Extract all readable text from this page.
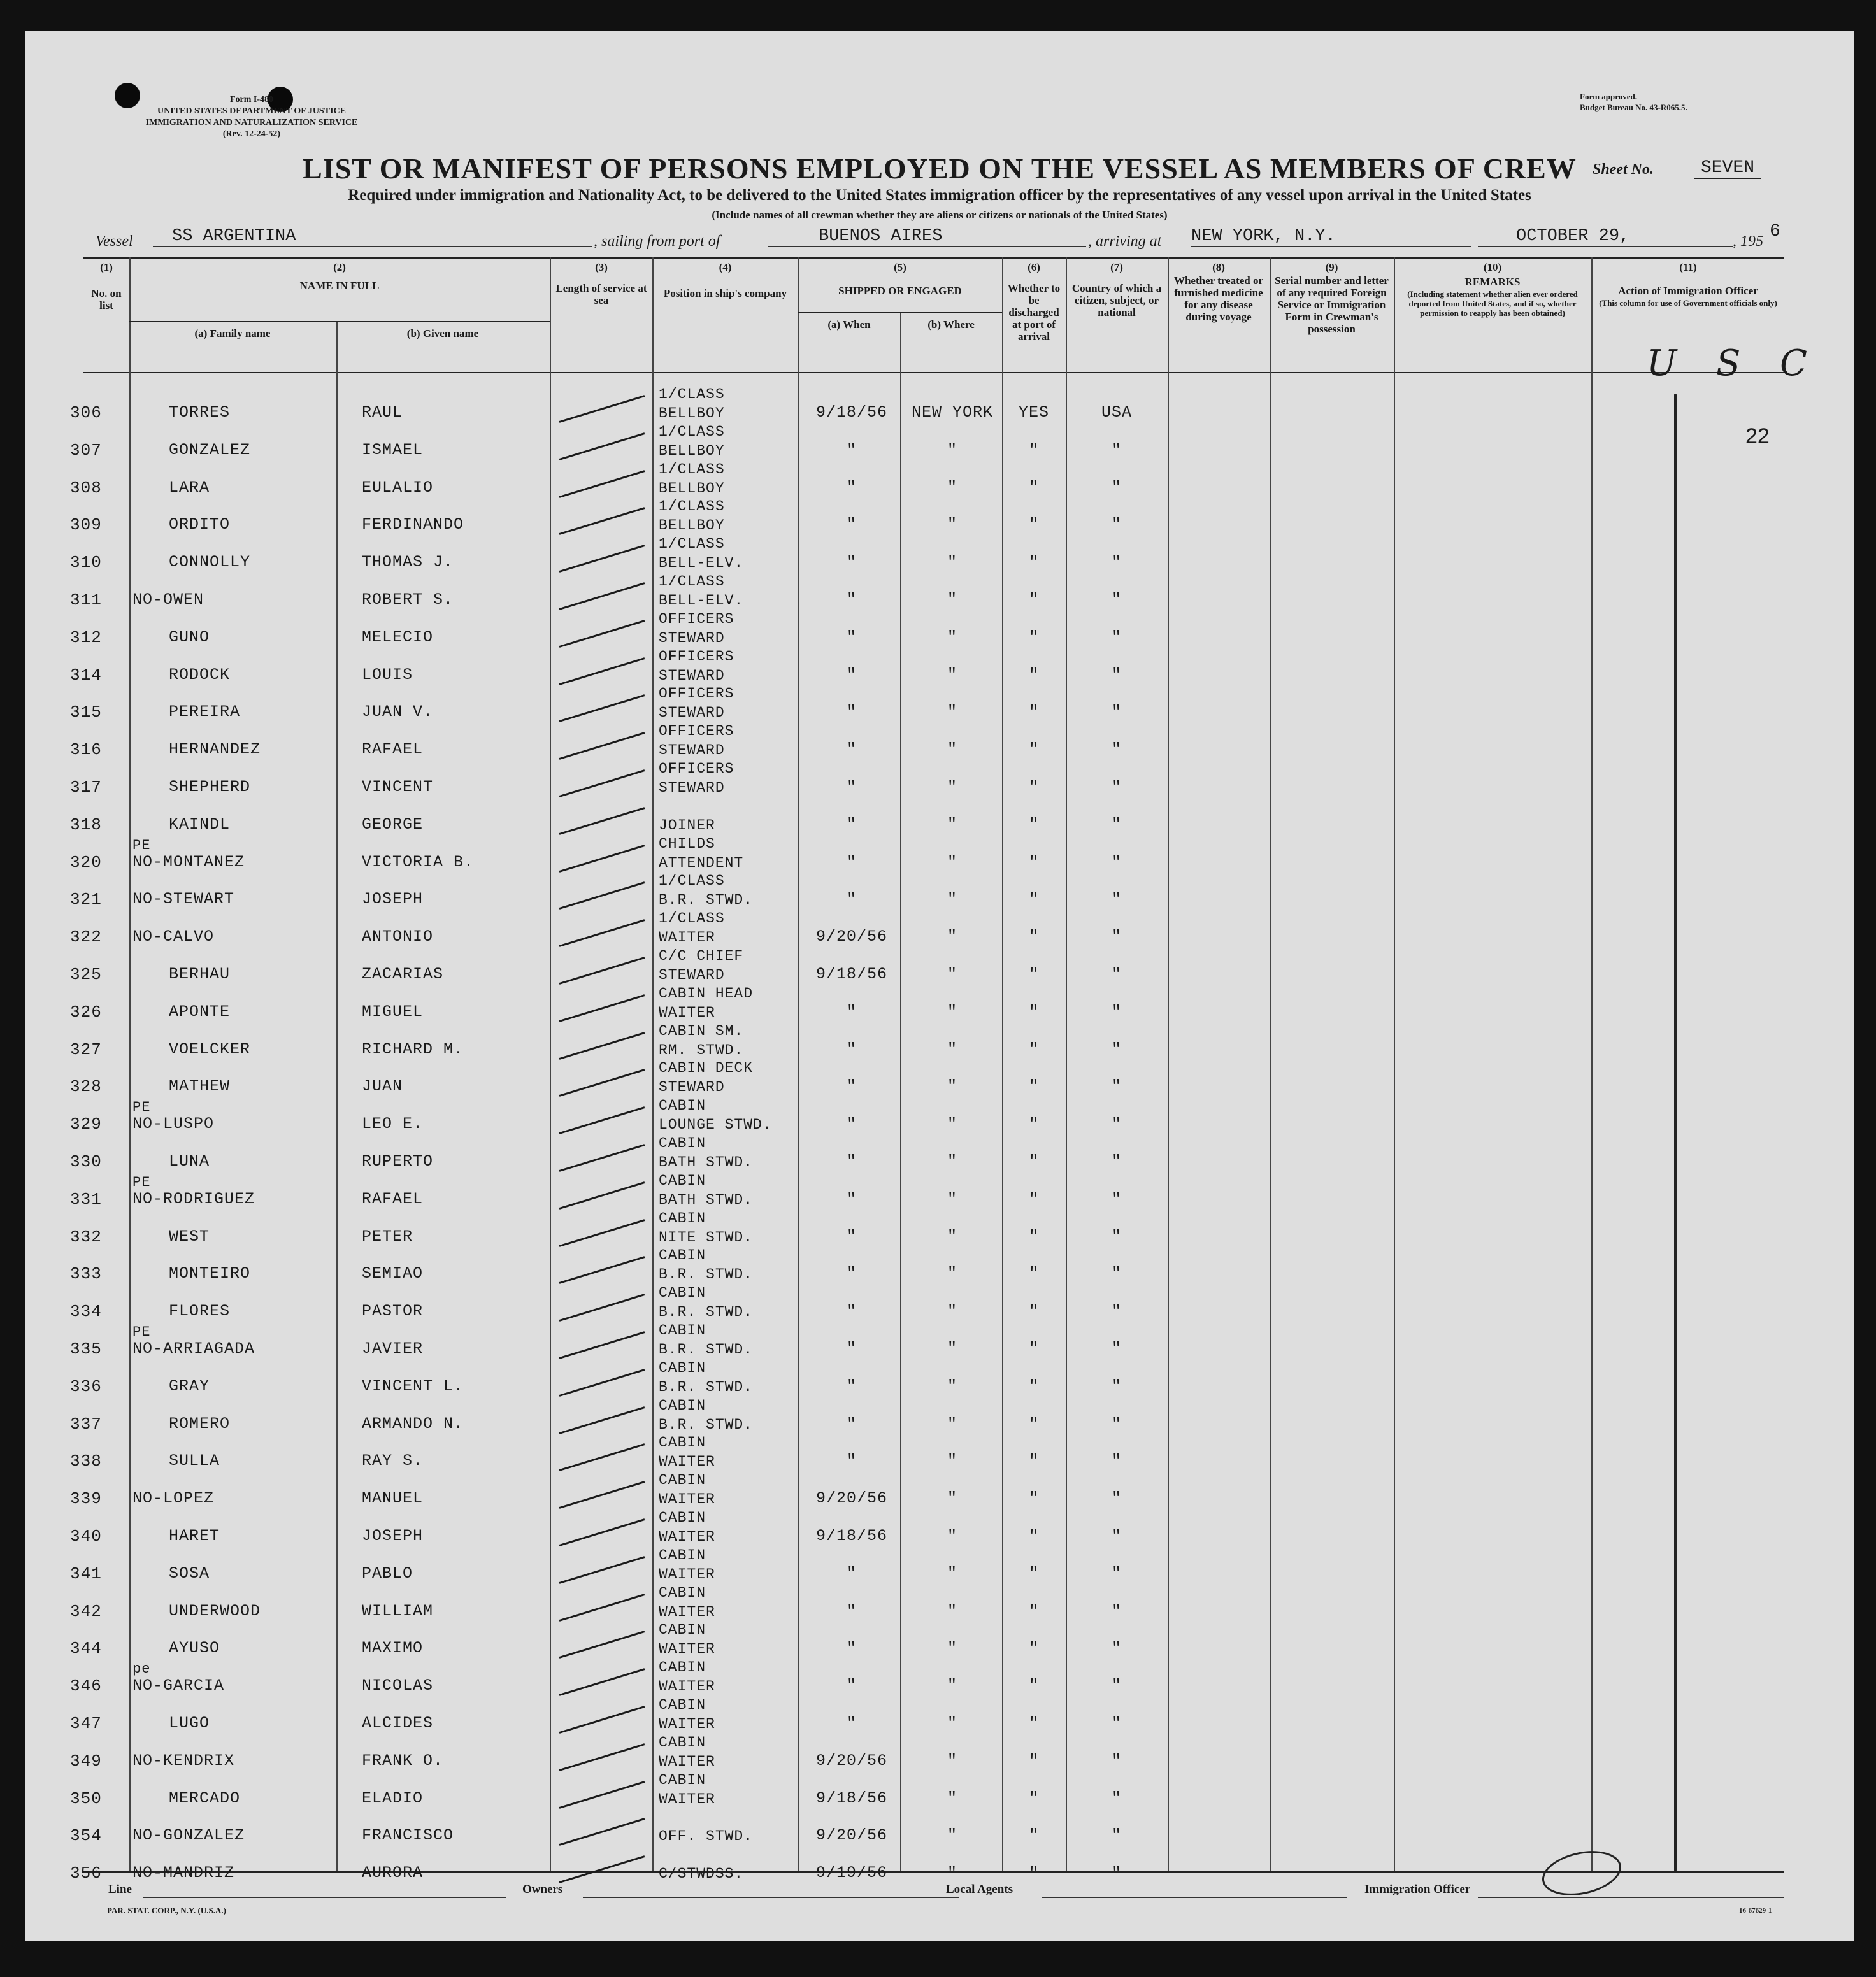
Form I-480
UNITED STATES DEPARTMENT OF JUSTICE
IMMIGRATION AND NATURALIZATION SERVICE
(Rev. 12-24-52)
Form approved.
Budget Bureau No. 43-R065.5.
LIST OR MANIFEST OF PERSONS EMPLOYED ON THE VESSEL AS MEMBERS OF CREW	Sheet No.	SEVEN
Required under immigration and Nationality Act, to be delivered to the United States immigration officer by the representatives of any vessel upon arrival in the United States
(Include names of all crewman whether they are aliens or citizens or nationals of the United States)
Vessel	SS ARGENTINA	, sailing from port of	BUENOS AIRES	, arriving at NEW YORK, N.Y.	OCTOBER 29,	, 195 6
(1)
No. on list
(2)
NAME IN FULL
(a) Family name	(b) Given name
(3)
Length of service at sea
(4)
Position in ship's company
(5)
SHIPPED OR ENGAGED
(a) When	(b) Where
(6)
Whether to be discharged at port of arrival
(7)
Country of which a citizen, subject, or national
(8)
Whether treated or furnished medicine for any disease during voyage
(9)
Serial number and letter of any required Foreign Service or Immigration Form in Crewman's possession
(10)
REMARKS
(Including statement whether alien ever ordered deported from United States, and if so, whether permission to reapply has been obtained)
(11)
Action of Immigration Officer
(This column for use of Government officials only)
306	TORRES	RAUL
1/CLASS
BELLBOY	9/18/56	NEW YORK	YES	USA
307	GONZALEZ	ISMAEL
1/CLASS
BELLBOY	"	"	"	"
308	LARA	EULALIO
1/CLASS
BELLBOY	"	"	"	"
309	ORDITO	FERDINANDO
1/CLASS
BELLBOY	"	"	"	"
310	CONNOLLY	THOMAS J.
1/CLASS
BELL-ELV.	"	"	"	"
311 NO-OWEN	ROBERT S.
1/CLASS
BELL-ELV.	"	"	"	"
312	GUNO	MELECIO
OFFICERS
STEWARD	"	"	"	"
314	RODOCK	LOUIS
OFFICERS
STEWARD	"	"	"	"
315	PEREIRA	JUAN V.
OFFICERS
STEWARD	"	"	"	"
316	HERNANDEZ	RAFAEL
OFFICERS
STEWARD	"	"	"	"
317	SHEPHERD	VINCENT
OFFICERS
STEWARD	"	"	"	"
318	KAINDL	GEORGE	JOINER	"	"	"	"
320
PE
NO-MONTANEZ	VICTORIA B.
CHILDS
ATTENDENT	"	"	"	"
321 NO-STEWART	JOSEPH
1/CLASS
B.R. STWD.	"	"	"	"
322 NO-CALVO	ANTONIO
1/CLASS
WAITER	9/20/56	"	"	"
325	BERHAU	ZACARIAS
C/C CHIEF
STEWARD	9/18/56	"	"	"
326	APONTE	MIGUEL
CABIN HEAD
WAITER	"	"	"	"
327	VOELCKER	RICHARD M.
CABIN SM.
RM. STWD.	"	"	"	"
328	MATHEW	JUAN
CABIN DECK
STEWARD	"	"	"	"
329
PE
NO-LUSPO	LEO E.
CABIN
LOUNGE STWD.	"	"	"	"
330	LUNA	RUPERTO
CABIN
BATH STWD.	"	"	"	"
331
PE
NO-RODRIGUEZ	RAFAEL
CABIN
BATH STWD.	"	"	"	"
332	WEST	PETER
CABIN
NITE STWD.	"	"	"	"
333	MONTEIRO	SEMIAO
CABIN
B.R. STWD.	"	"	"	"
334	FLORES	PASTOR
CABIN
B.R. STWD.	"	"	"	"
335
PE
NO-ARRIAGADA	JAVIER
CABIN
B.R. STWD.	"	"	"	"
336	GRAY	VINCENT L.
CABIN
B.R. STWD.	"	"	"	"
337	ROMERO	ARMANDO N.
CABIN
B.R. STWD.	"	"	"	"
338	SULLA	RAY S.
CABIN
WAITER	"	"	"	"
339 NO-LOPEZ	MANUEL
CABIN
WAITER	9/20/56	"	"	"
340	HARET	JOSEPH
CABIN
WAITER	9/18/56	"	"	"
341	SOSA	PABLO
CABIN
WAITER	"	"	"	"
342	UNDERWOOD	WILLIAM
CABIN
WAITER	"	"	"	"
344	AYUSO	MAXIMO
CABIN
WAITER	"	"	"	"
346
pe
NO-GARCIA	NICOLAS
CABIN
WAITER	"	"	"	"
347	LUGO	ALCIDES
CABIN
WAITER	"	"	"	"
349 NO-KENDRIX	FRANK O.
CABIN
WAITER	9/20/56	"	"	"
350	MERCADO	ELADIO
CABIN
WAITER	9/18/56	"	"	"
354 NO-GONZALEZ	FRANCISCO	OFF. STWD.	9/20/56	"	"	"
356 NO-MANDRIZ	AURORA	C/STWDSS.	9/19/56	"	"	"
U S C
22
Line	Owners	Local Agents	Immigration Officer
PAR. STAT. CORP., N.Y. (U.S.A.)	16-67629-1
